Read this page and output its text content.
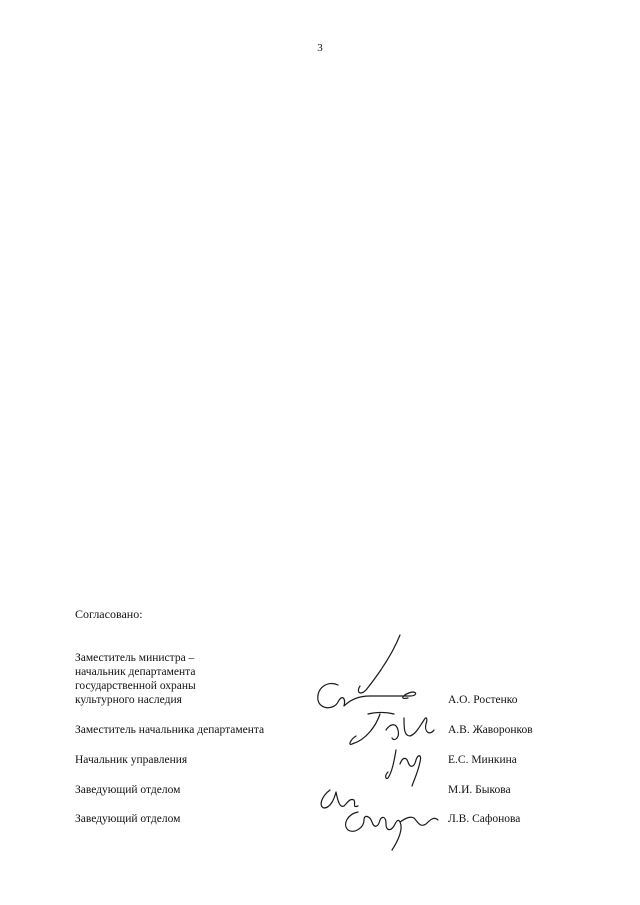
3
Согласовано:
Заместитель министра –
начальник департамента
государственной охраны
культурного наследия	А.О. Ростенко
Заместитель начальника департамента	А.В. Жаворонков
Начальник управления	Е.С. Минкина
Заведующий отделом	М.И. Быкова
Заведующий отделом	Л.В. Сафонова
